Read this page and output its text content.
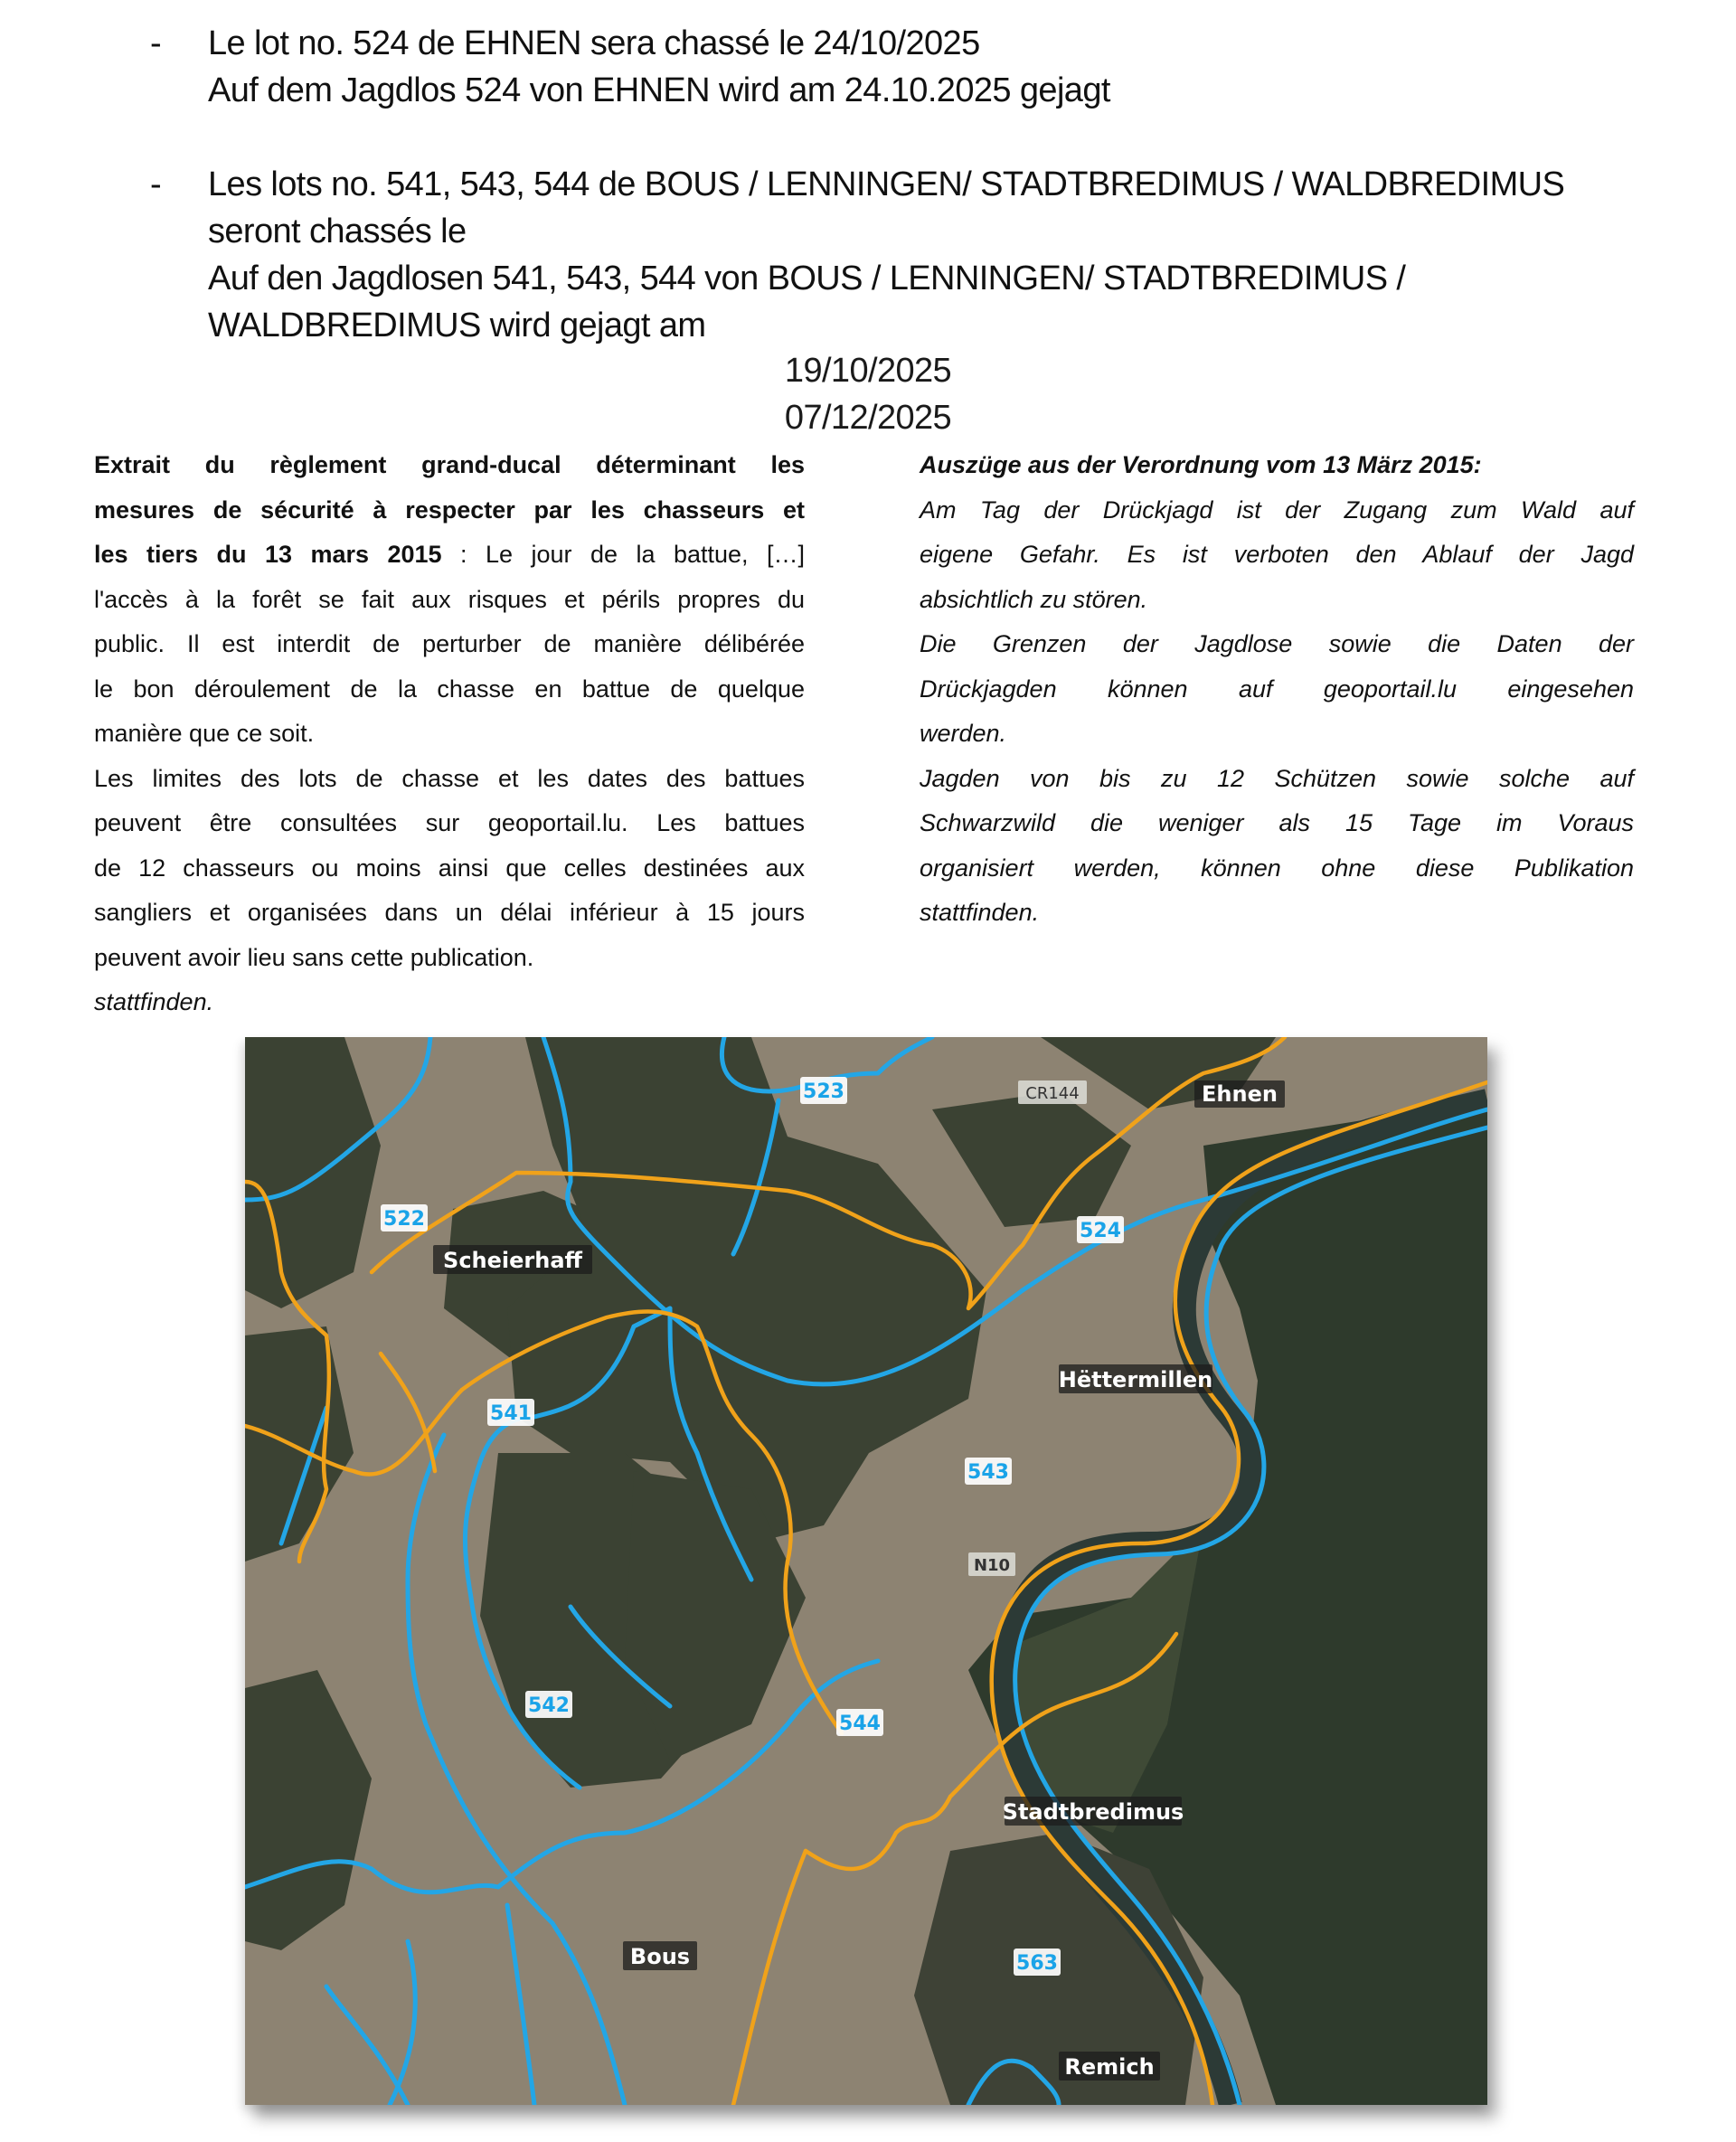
- Le lot no. 524 de EHNEN sera chassé le 24/10/2025
Auf dem Jagdlos 524 von EHNEN wird am 24.10.2025 gejagt
- Les lots no. 541, 543, 544 de BOUS / LENNINGEN/ STADTBREDIMUS / WALDBREDIMUS
seront chassés le
Auf den Jagdlosen 541, 543, 544 von BOUS / LENNINGEN/ STADTBREDIMUS /
WALDBREDIMUS wird gejagt am
19/10/2025
07/12/2025

Extrait du règlement grand-ducal déterminant les

mesures de sécurité à respecter par les chasseurs et

les tiers du 13 mars 2015 : Le jour de la battue, […]

l'accès à la forêt se fait aux risques et périls propres du

public. Il est interdit de perturber de manière délibérée

le bon déroulement de la chasse en battue de quelque

manière que ce soit.

Les limites des lots de chasse et les dates des battues

peuvent être consultées sur geoportail.lu. Les battues

de 12 chasseurs ou moins ainsi que celles destinées aux

sangliers et organisées dans un délai inférieur à 15 jours

peuvent avoir lieu sans cette publication.

stattfinden.

Auszüge aus der Verordnung vom 13 März 2015:

Am Tag der Drückjagd ist der Zugang zum Wald auf

eigene Gefahr. Es ist verboten den Ablauf der Jagd

absichtlich zu stören.

Die Grenzen der Jagdlose sowie die Daten der

Drückjagden können auf geoportail.lu eingesehen

werden.

Jagden von bis zu 12 Schützen sowie solche auf

Schwarzwild die weniger als 15 Tage im Voraus

organisiert werden, können ohne diese Publikation

stattfinden.

523
522
524
541
543
542
544
563
Scheierhaff
Ehnen
Hëttermillen
Stadtbredimus
Bous
Remich
CR144
N10
